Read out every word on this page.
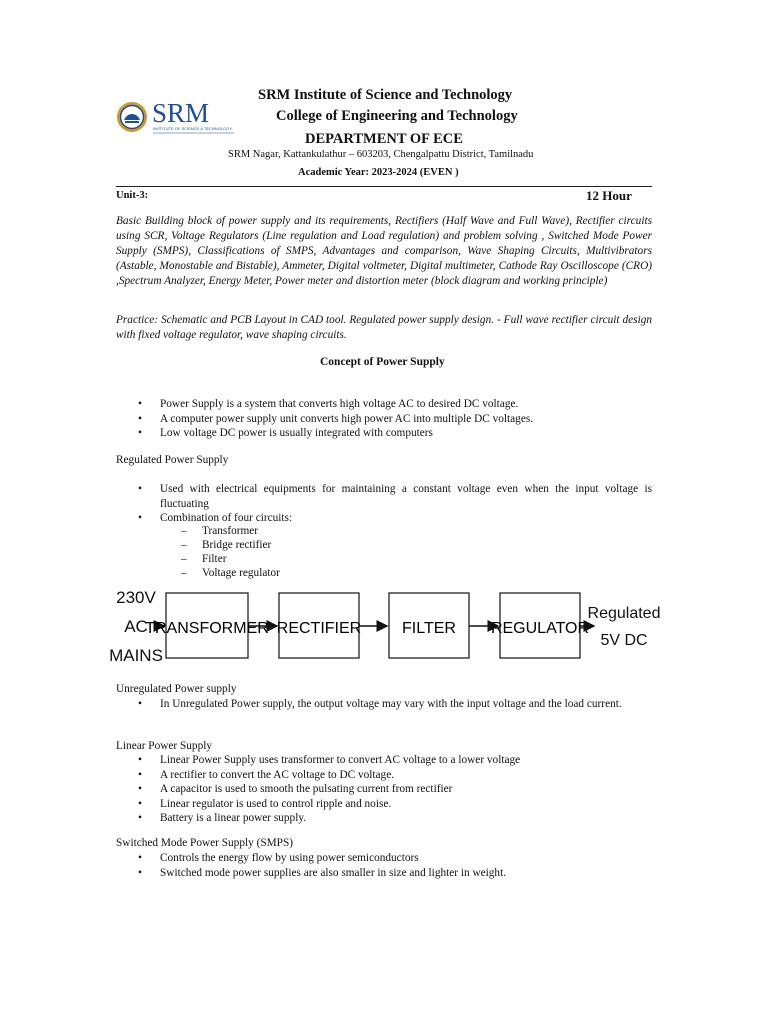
SRM
INSTITUTE OF SCIENCE & TECHNOLOGY
SRM Institute of Science and Technology
College of Engineering and Technology
DEPARTMENT OF ECE
SRM Nagar, Kattankulathur – 603203, Chengalpattu District, Tamilnadu
Academic Year: 2023-2024 (EVEN )
Unit-3:	12 Hour

Basic Building block of power supply and its requirements, Rectifiers (Half Wave and Full Wave), Rectifier circuits using SCR, Voltage Regulators (Line regulation and Load regulation) and problem solving , Switched Mode Power Supply (SMPS), Classifications of SMPS, Advantages and comparison, Wave Shaping Circuits, Multivibrators (Astable, Monostable and Bistable), Ammeter, Digital voltmeter, Digital multimeter, Cathode Ray Oscilloscope (CRO) ,Spectrum Analyzer, Energy Meter, Power meter and distortion meter (block diagram and working principle)

Practice: Schematic and PCB Layout in CAD tool. Regulated power supply design. - Full wave rectifier circuit design with fixed voltage regulator, wave shaping circuits.

Concept of Power Supply
• Power Supply is a system that converts high voltage AC to desired DC voltage.
• A computer power supply unit converts high power AC into multiple DC voltages.
• Low voltage DC power is usually integrated with computers
Regulated Power Supply
• Used with electrical equipments for maintaining a constant voltage even when the input voltage is fluctuating
• Combination of four circuits:
– Transformer
– Bridge rectifier
– Filter
– Voltage regulator
230V
AC
MAINS
TRANSFORMER RECTIFIER	FILTER REGULATOR
Regulated
5V DC
Unregulated Power supply
• In Unregulated Power supply, the output voltage may vary with the input voltage and the load current.
Linear Power Supply
• Linear Power Supply uses transformer to convert AC voltage to a lower voltage
• A rectifier to convert the AC voltage to DC voltage.
• A capacitor is used to smooth the pulsating current from rectifier
• Linear regulator is used to control ripple and noise.
• Battery is a linear power supply.
Switched Mode Power Supply (SMPS)
• Controls the energy flow by using power semiconductors
• Switched mode power supplies are also smaller in size and lighter in weight.
